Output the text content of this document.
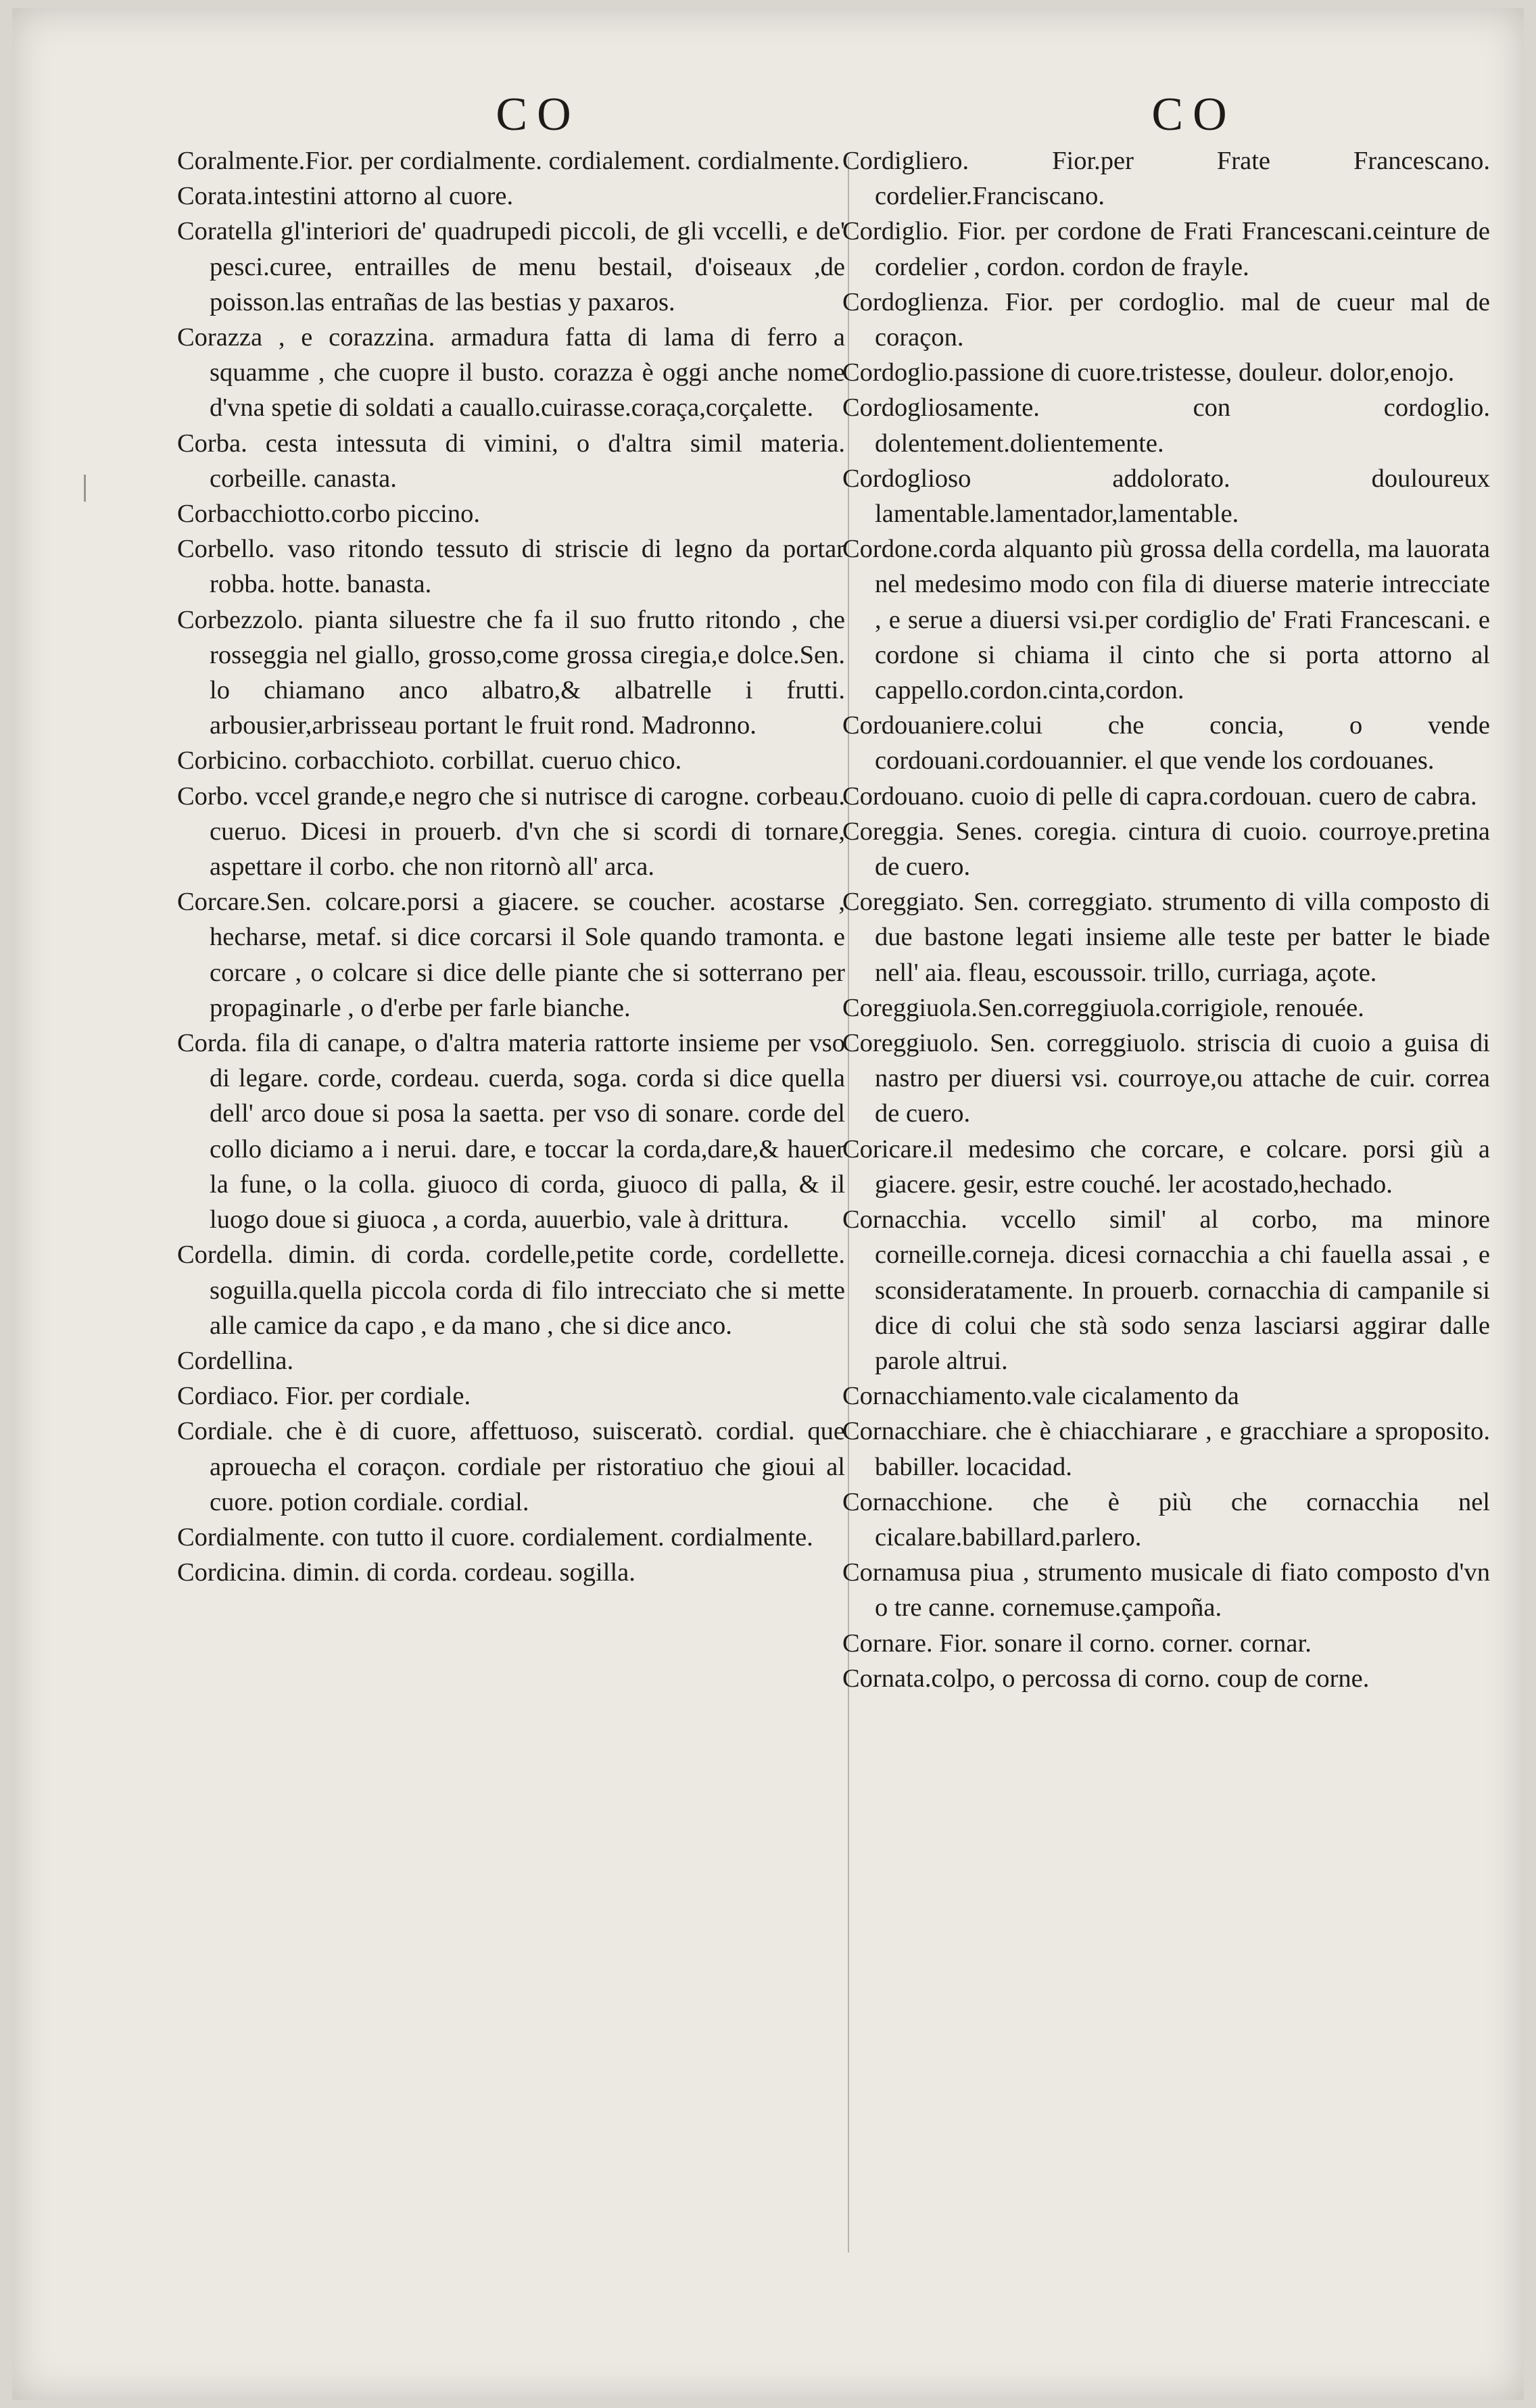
CO	CO

Coralmente.Fior. per cordialmente. cordialement. cordialmente.

Corata.intestini attorno al cuore.

Coratella gl'interiori de' quadrupedi piccoli, de gli vccelli, e de' pesci.curee, entrailles de menu bestail, d'oiseaux ,de poisson.las entrañas de las bestias y paxaros.

Corazza , e corazzina. armadura fatta di lama di ferro a squamme , che cuopre il busto. corazza è oggi anche nome d'vna spetie di soldati a cauallo.cuirasse.coraça,corçalette.

Corba. cesta intessuta di vimini, o d'altra simil materia. corbeille. canasta.

Corbacchiotto.corbo piccino.

Corbello. vaso ritondo tessuto di striscie di legno da portar robba. hotte. banasta.

Corbezzolo. pianta siluestre che fa il suo frutto ritondo , che rosseggia nel giallo, grosso,come grossa ciregia,e dolce.Sen. lo chiamano anco albatro,& albatrelle i frutti. arbousier,arbrisseau portant le fruit rond. Madronno.

Corbicino. corbacchioto. corbillat. cueruo chico.

Corbo. vccel grande,e negro che si nutrisce di carogne. corbeau. cueruo. Dicesi in prouerb. d'vn che si scordi di tornare, aspettare il corbo. che non ritornò all' arca.

Corcare.Sen. colcare.porsi a giacere. se coucher. acostarse , hecharse, metaf. si dice corcarsi il Sole quando tramonta. e corcare , o colcare si dice delle piante che si sotterrano per propaginarle , o d'erbe per farle bianche.

Corda. fila di canape, o d'altra materia rattorte insieme per vso di legare. corde, cordeau. cuerda, soga. corda si dice quella dell' arco doue si posa la saetta. per vso di sonare. corde del collo diciamo a i nerui. dare, e toccar la corda,dare,& hauer la fune, o la colla. giuoco di corda, giuoco di palla, & il luogo doue si giuoca , a corda, auuerbio, vale à drittura.

Cordella. dimin. di corda. cordelle,petite corde, cordellette. soguilla.quella piccola corda di filo intrecciato che si mette alle camice da capo , e da mano , che si dice anco.

Cordellina.

Cordiaco. Fior. per cordiale.

Cordiale. che è di cuore, affettuoso, suisceratò. cordial. que aprouecha el coraçon. cordiale per ristoratiuo che gioui al cuore. potion cordiale. cordial.

Cordialmente. con tutto il cuore. cordialement. cordialmente.

Cordicina. dimin. di corda. cordeau. sogilla.

Cordigliero. Fior.per Frate Francescano. cordelier.Franciscano.

Cordiglio. Fior. per cordone de Frati Francescani.ceinture de cordelier , cordon. cordon de frayle.

Cordoglienza. Fior. per cordoglio. mal de cueur mal de coraçon.

Cordoglio.passione di cuore.tristesse, douleur. dolor,enojo.

Cordogliosamente. con cordoglio. dolentement.dolientemente.

Cordoglioso addolorato. douloureux lamentable.lamentador,lamentable.

Cordone.corda alquanto più grossa della cordella, ma lauorata nel medesimo modo con fila di diuerse materie intrecciate , e serue a diuersi vsi.per cordiglio de' Frati Francescani. e cordone si chiama il cinto che si porta attorno al cappello.cordon.cinta,cordon.

Cordouaniere.colui che concia, o vende cordouani.cordouannier. el que vende los cordouanes.

Cordouano. cuoio di pelle di capra.cordouan. cuero de cabra.

Coreggia. Senes. coregia. cintura di cuoio. courroye.pretina de cuero.

Coreggiato. Sen. correggiato. strumento di villa composto di due bastone legati insieme alle teste per batter le biade nell' aia. fleau, escoussoir. trillo, curriaga, açote.

Coreggiuola.Sen.correggiuola.corrigiole, renouée.

Coreggiuolo. Sen. correggiuolo. striscia di cuoio a guisa di nastro per diuersi vsi. courroye,ou attache de cuir. correa de cuero.

Coricare.il medesimo che corcare, e colcare. porsi giù a giacere. gesir, estre couché. ler acostado,hechado.

Cornacchia. vccello simil' al corbo, ma minore corneille.corneja. dicesi cornacchia a chi fauella assai , e sconsideratamente. In prouerb. cornacchia di campanile si dice di colui che stà sodo senza lasciarsi aggirar dalle parole altrui.

Cornacchiamento.vale cicalamento da

Cornacchiare. che è chiacchiarare , e gracchiare a sproposito. babiller. locacidad.

Cornacchione. che è più che cornacchia nel cicalare.babillard.parlero.

Cornamusa piua , strumento musicale di fiato composto d'vn o tre canne. cornemuse.çampoña.

Cornare. Fior. sonare il corno. corner. cornar.

Cornata.colpo, o percossa di corno. coup de corne.
